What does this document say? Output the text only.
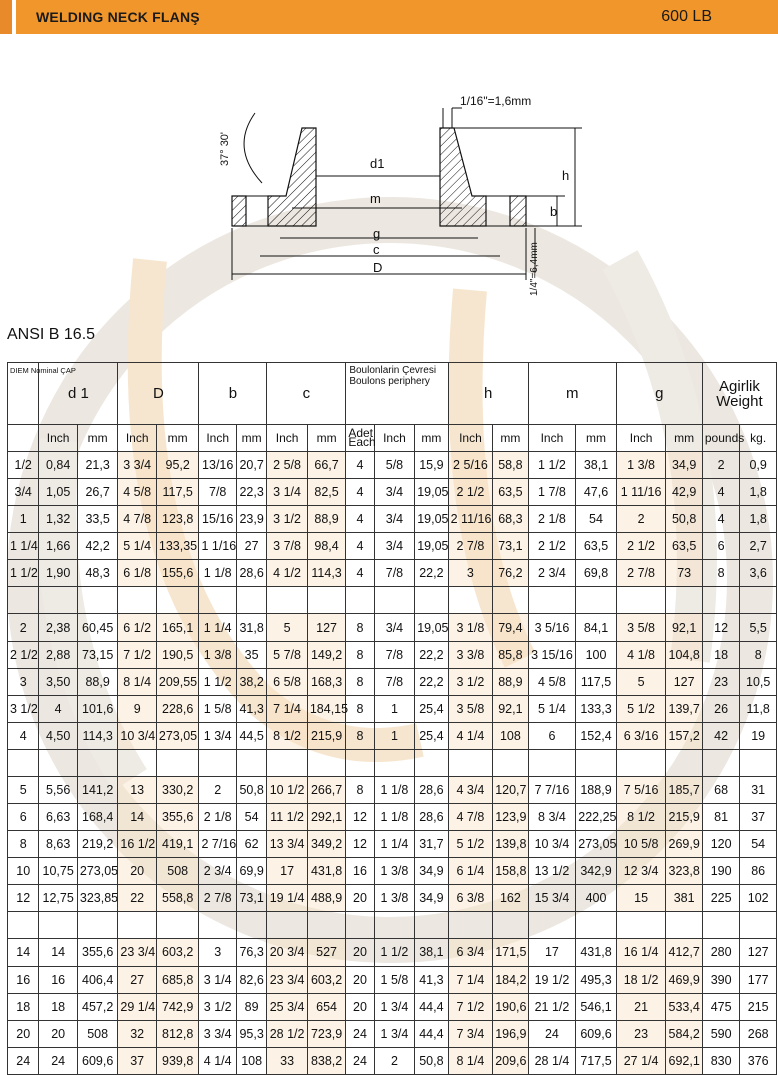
WELDING NECK FLANŞ	600 LB
1/16"=1,6mm
d1
m
h
b
g
c
D
37° 30'
1/4"=6,4mm
ANSI B 16.5
DIEM Nominal ÇAP	d 1		D		b		c		Boulonlarin Çevresi Boulons periphery			h		m		g		Agirlik Weight	
	Inch	mm	Inch	mm	Inch	mm	Inch	mm	Adet Each	Inch	mm	Inch	mm	Inch	mm	Inch	mm	pounds	kg.
1/2	0,84	21,3	3 3/4	95,2	13/16	20,7	2 5/8	66,7	4	5/8	15,9	2 5/16	58,8	1 1/2	38,1	1 3/8	34,9	2	0,9
3/4	1,05	26,7	4 5/8	117,5	7/8	22,3	3 1/4	82,5	4	3/4	19,05	2 1/2	63,5	1 7/8	47,6	1 11/16	42,9	4	1,8
1	1,32	33,5	4 7/8	123,8	15/16	23,9	3 1/2	88,9	4	3/4	19,05	2 11/16	68,3	2 1/8	54	2	50,8	4	1,8
1 1/4	1,66	42,2	5 1/4	133,35	1 1/16	27	3 7/8	98,4	4	3/4	19,05	2 7/8	73,1	2 1/2	63,5	2 1/2	63,5	6	2,7
1 1/2	1,90	48,3	6 1/8	155,6	1 1/8	28,6	4 1/2	114,3	4	7/8	22,2	3	76,2	2 3/4	69,8	2 7/8	73	8	3,6

2	2,38	60,45	6 1/2	165,1	1 1/4	31,8	5	127	8	3/4	19,05	3 1/8	79,4	3 5/16	84,1	3 5/8	92,1	12	5,5
2 1/2	2,88	73,15	7 1/2	190,5	1 3/8	35	5 7/8	149,2	8	7/8	22,2	3 3/8	85,8	3 15/16	100	4 1/8	104,8	18	8
3	3,50	88,9	8 1/4	209,55	1 1/2	38,2	6 5/8	168,3	8	7/8	22,2	3 1/2	88,9	4 5/8	117,5	5	127	23	10,5
3 1/2	4	101,6	9	228,6	1 5/8	41,3	7 1/4	184,15	8	1	25,4	3 5/8	92,1	5 1/4	133,3	5 1/2	139,7	26	11,8
4	4,50	114,3	10 3/4	273,05	1 3/4	44,5	8 1/2	215,9	8	1	25,4	4 1/4	108	6	152,4	6 3/16	157,2	42	19

5	5,56	141,2	13	330,2	2	50,8	10 1/2	266,7	8	1 1/8	28,6	4 3/4	120,7	7 7/16	188,9	7 5/16	185,7	68	31
6	6,63	168,4	14	355,6	2 1/8	54	11 1/2	292,1	12	1 1/8	28,6	4 7/8	123,9	8 3/4	222,25	8 1/2	215,9	81	37
8	8,63	219,2	16 1/2	419,1	2 7/16	62	13 3/4	349,2	12	1 1/4	31,7	5 1/2	139,8	10 3/4	273,05	10 5/8	269,9	120	54
10	10,75	273,05	20	508	2 3/4	69,9	17	431,8	16	1 3/8	34,9	6 1/4	158,8	13 1/2	342,9	12 3/4	323,8	190	86
12	12,75	323,85	22	558,8	2 7/8	73,1	19 1/4	488,9	20	1 3/8	34,9	6 3/8	162	15 3/4	400	15	381	225	102

14	14	355,6	23 3/4	603,2	3	76,3	20 3/4	527	20	1 1/2	38,1	6 3/4	171,5	17	431,8	16 1/4	412,7	280	127
16	16	406,4	27	685,8	3 1/4	82,6	23 3/4	603,2	20	1 5/8	41,3	7 1/4	184,2	19 1/2	495,3	18 1/2	469,9	390	177
18	18	457,2	29 1/4	742,9	3 1/2	89	25 3/4	654	20	1 3/4	44,4	7 1/2	190,6	21 1/2	546,1	21	533,4	475	215
20	20	508	32	812,8	3 3/4	95,3	28 1/2	723,9	24	1 3/4	44,4	7 3/4	196,9	24	609,6	23	584,2	590	268
24	24	609,6	37	939,8	4 1/4	108	33	838,2	24	2	50,8	8 1/4	209,6	28 1/4	717,5	27 1/4	692,1	830	376
